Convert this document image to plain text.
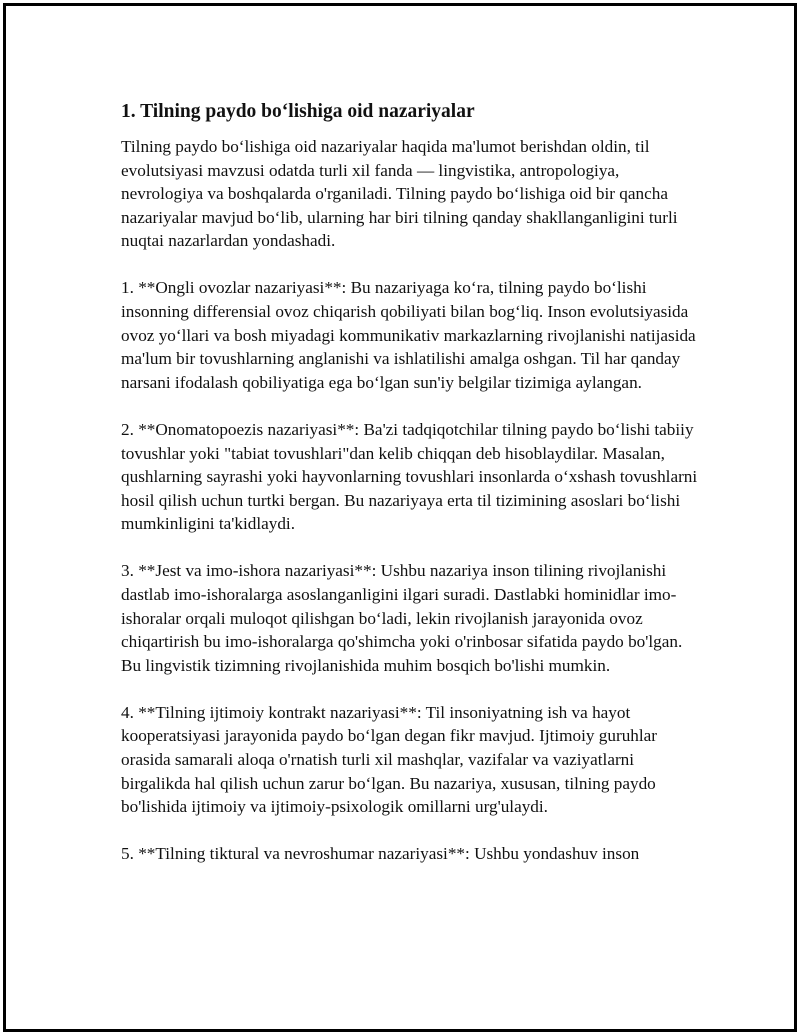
1. Tilning paydo bo‘lishiga oid nazariyalar

Tilning paydo bo‘lishiga oid nazariyalar haqida ma'lumot berishdan oldin, til evolutsiyasi mavzusi odatda turli xil fanda — lingvistika, antropologiya, nevrologiya va boshqalarda o'rganiladi. Tilning paydo bo‘lishiga oid bir qancha nazariyalar mavjud bo‘lib, ularning har biri tilning qanday shakllanganligini turli nuqtai nazarlardan yondashadi.

1. **Ongli ovozlar nazariyasi**: Bu nazariyaga ko‘ra, tilning paydo bo‘lishi insonning differensial ovoz chiqarish qobiliyati bilan bog‘liq. Inson evolutsiyasida ovoz yo‘llari va bosh miyadagi kommunikativ markazlarning rivojlanishi natijasida ma'lum bir tovushlarning anglanishi va ishlatilishi amalga oshgan. Til har qanday narsani ifodalash qobiliyatiga ega bo‘lgan sun'iy belgilar tizimiga aylangan.

2. **Onomatopoezis nazariyasi**: Ba'zi tadqiqotchilar tilning paydo bo‘lishi tabiiy tovushlar yoki "tabiat tovushlari"dan kelib chiqqan deb hisoblaydilar. Masalan, qushlarning sayrashi yoki hayvonlarning tovushlari insonlarda o‘xshash tovushlarni hosil qilish uchun turtki bergan. Bu nazariyaya erta til tizimining asoslari bo‘lishi mumkinligini ta'kidlaydi.

3. **Jest va imo-ishora nazariyasi**: Ushbu nazariya inson tilining rivojlanishi dastlab imo-ishoralarga asoslanganligini ilgari suradi. Dastlabki hominidlar imo-ishoralar orqali muloqot qilishgan bo‘ladi, lekin rivojlanish jarayonida ovoz chiqartirish bu imo-ishoralarga qo'shimcha yoki o'rinbosar sifatida paydo bo'lgan. Bu lingvistik tizimning rivojlanishida muhim bosqich bo'lishi mumkin.

4. **Tilning ijtimoiy kontrakt nazariyasi**: Til insoniyatning ish va hayot kooperatsiyasi jarayonida paydo bo‘lgan degan fikr mavjud. Ijtimoiy guruhlar orasida samarali aloqa o'rnatish turli xil mashqlar, vazifalar va vaziyatlarni birgalikda hal qilish uchun zarur bo‘lgan. Bu nazariya, xususan, tilning paydo bo'lishida ijtimoiy va ijtimoiy-psixologik omillarni urg'ulaydi.

5. **Tilning tiktural va nevroshumar nazariyasi**: Ushbu yondashuv inson
